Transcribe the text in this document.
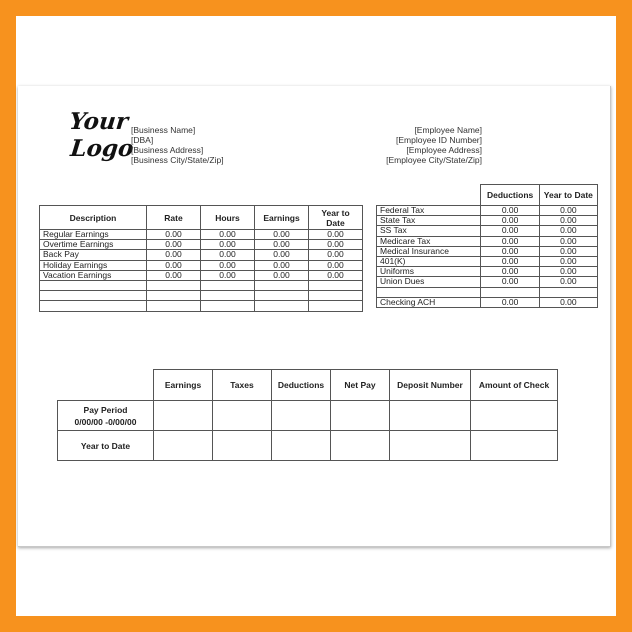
Your
Logo
[Business Name]
[DBA]
[Business Address]
[Business City/State/Zip]
[Employee Name]
[Employee ID Number]
[Employee Address]
[Employee City/State/Zip]
Description	Rate	Hours	Earnings	Year to Date
Regular Earnings	0.00	0.00	0.00	0.00
Overtime Earnings	0.00	0.00	0.00	0.00
Back Pay	0.00	0.00	0.00	0.00
Holiday Earnings	0.00	0.00	0.00	0.00
Vacation Earnings	0.00	0.00	0.00	0.00

	Deductions	Year to Date
Federal Tax	0.00	0.00
State Tax	0.00	0.00
SS Tax	0.00	0.00
Medicare Tax	0.00	0.00
Medical Insurance	0.00	0.00
401(K)	0.00	0.00
Uniforms	0.00	0.00
Union Dues	0.00	0.00

Checking ACH	0.00	0.00
	Earnings	Taxes	Deductions	Net Pay	Deposit Number	Amount of Check

Pay Period
0/00/00 -0/00/00						

Year to Date						
